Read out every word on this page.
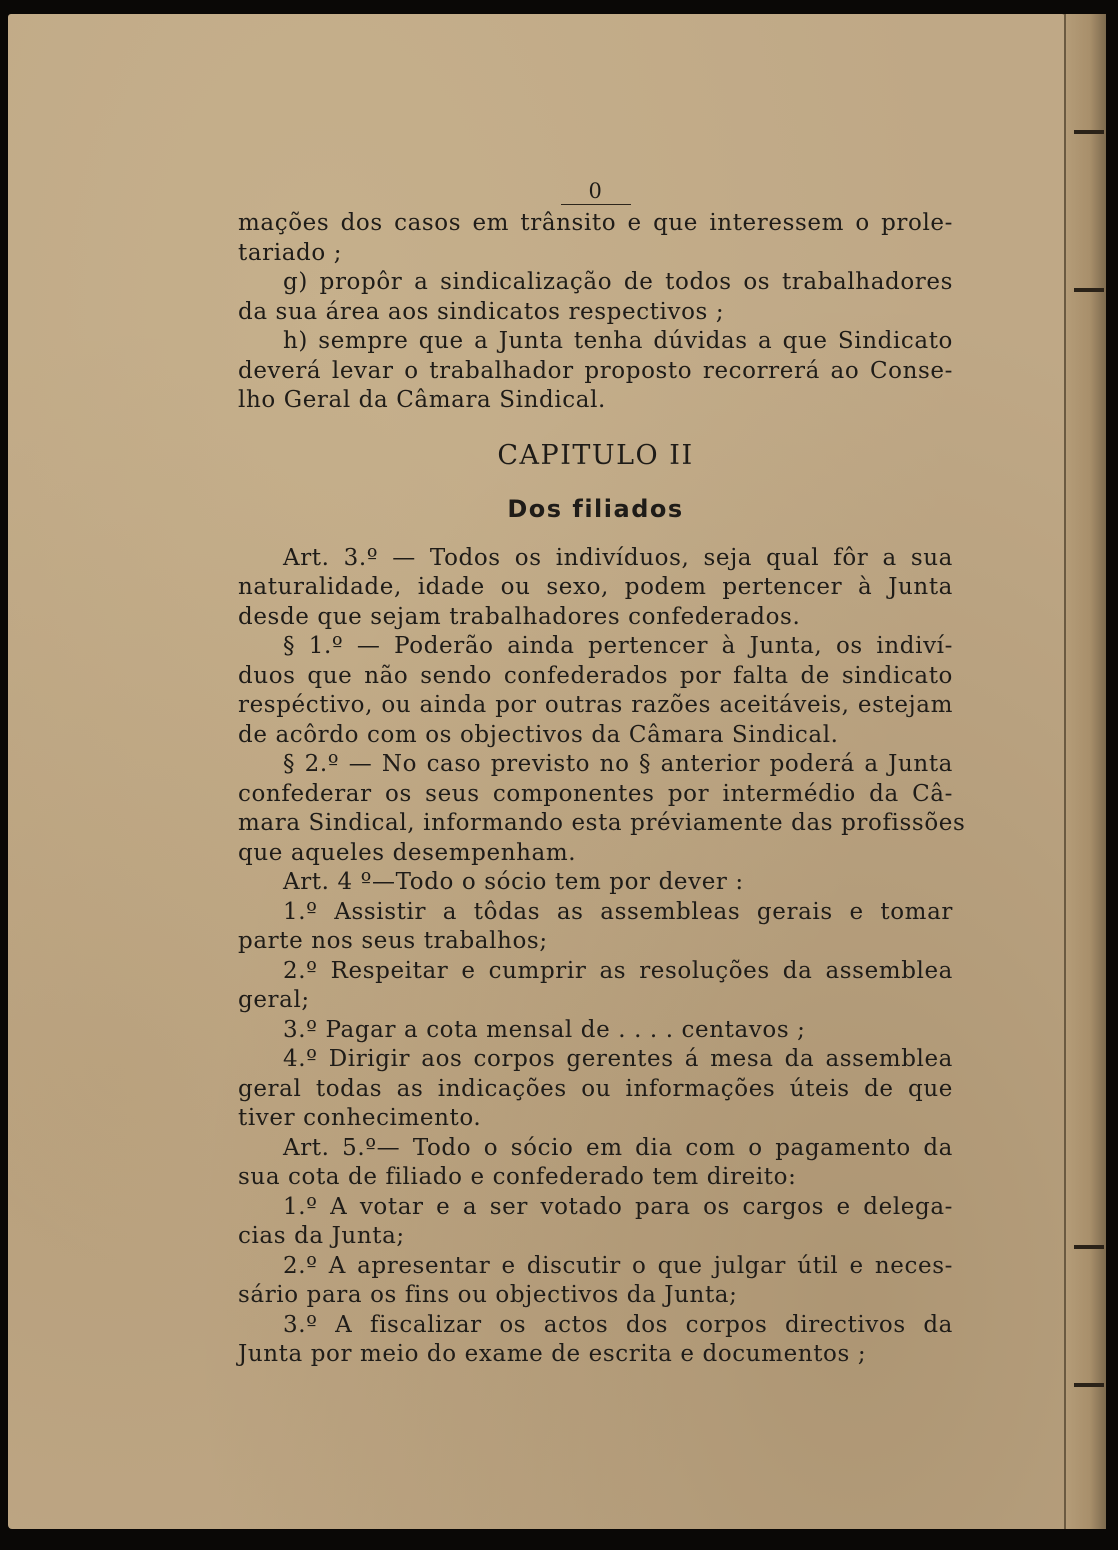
0
mações dos casos em trânsito e que interessem o prole-
tariado ;
g) propôr a sindicalização de todos os trabalhadores
da sua área aos sindicatos respectivos ;
h) sempre que a Junta tenha dúvidas a que Sindicato
deverá levar o trabalhador proposto recorrerá ao Conse-
lho Geral da Câmara Sindical.
CAPITULO II
Dos filiados
Art. 3.º — Todos os indivíduos, seja qual fôr a sua
naturalidade, idade ou sexo, podem pertencer à Junta
desde que sejam trabalhadores confederados.
§ 1.º — Poderão ainda pertencer à Junta, os indiví-
duos que não sendo confederados por falta de sindicato
respéctivo, ou ainda por outras razões aceitáveis, estejam
de acôrdo com os objectivos da Câmara Sindical.
§ 2.º — No caso previsto no § anterior poderá a Junta
confederar os seus componentes por intermédio da Câ-
mara Sindical, informando esta préviamente das profissões
que aqueles desempenham.
Art. 4 º—Todo o sócio tem por dever :
1.º Assistir a tôdas as assembleas gerais e tomar
parte nos seus trabalhos;
2.º Respeitar e cumprir as resoluções da assemblea
geral;
3.º Pagar a cota mensal de . . . . centavos ;
4.º Dirigir aos corpos gerentes á mesa da assemblea
geral todas as indicações ou informações úteis de que
tiver conhecimento.
Art. 5.º— Todo o sócio em dia com o pagamento da
sua cota de filiado e confederado tem direito:
1.º A votar e a ser votado para os cargos e delega-
cias da Junta;
2.º A apresentar e discutir o que julgar útil e neces-
sário para os fins ou objectivos da Junta;
3.º A fiscalizar os actos dos corpos directivos da
Junta por meio do exame de escrita e documentos ;
